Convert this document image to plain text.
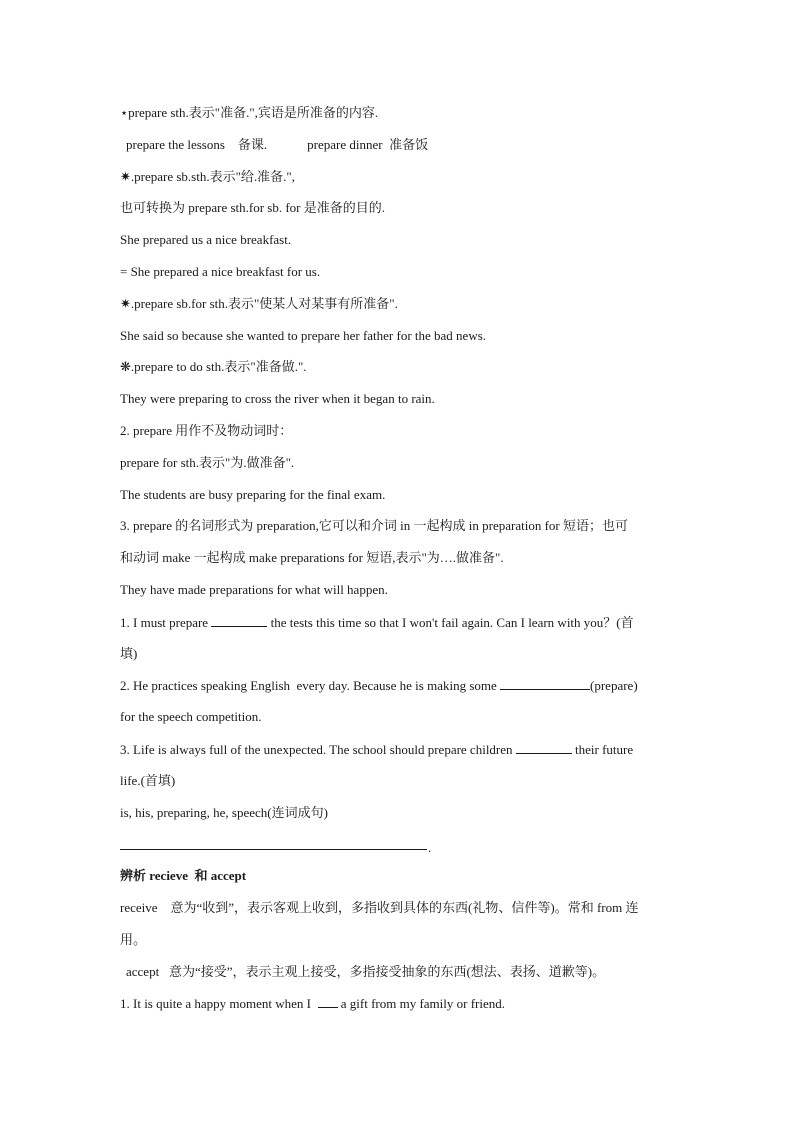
⋆prepare sth.表示"准备.",宾语是所准备的内容.
prepare the lessons    备课.	prepare dinner  准备饭
✷.prepare sb.sth.表示"给.准备.",
也可转换为 prepare sth.for sb. for 是准备的目的.
She prepared us a nice breakfast.
= She prepared a nice breakfast for us.
✷.prepare sb.for sth.表示"使某人对某事有所准备".
She said so because she wanted to prepare her father for the bad news.
❋.prepare to do sth.表示"准备做.".
They were preparing to cross the river when it began to rain.
2. prepare 用作不及物动词时：
prepare for sth.表示"为.做准备".
The students are busy preparing for the final exam.
3. prepare 的名词形式为 preparation,它可以和介词 in 一起构成 in preparation for 短语；也可
和动词 make 一起构成 make preparations for 短语,表示"为….做准备".
They have made preparations for what will happen.
1. I must prepare	the tests this time so that I won't fail again. Can I learn with you？(首
填)
2. He practices speaking English  every day. Because he is making some	(prepare)
for the speech competition.
3. Life is always full of the unexpected. The school should prepare children	their future
life.(首填)
is, his, preparing, he, speech(连词成句)
.
辨析 recieve  和 accept
receive    意为“收到”，表示客观上收到，多指收到具体的东西(礼物、信件等)。常和 from 连
用。
accept   意为“接受”，表示主观上接受，多指接受抽象的东西(想法、表扬、道歉等)。
1. It is quite a happy moment when I   a gift from my family or friend.
